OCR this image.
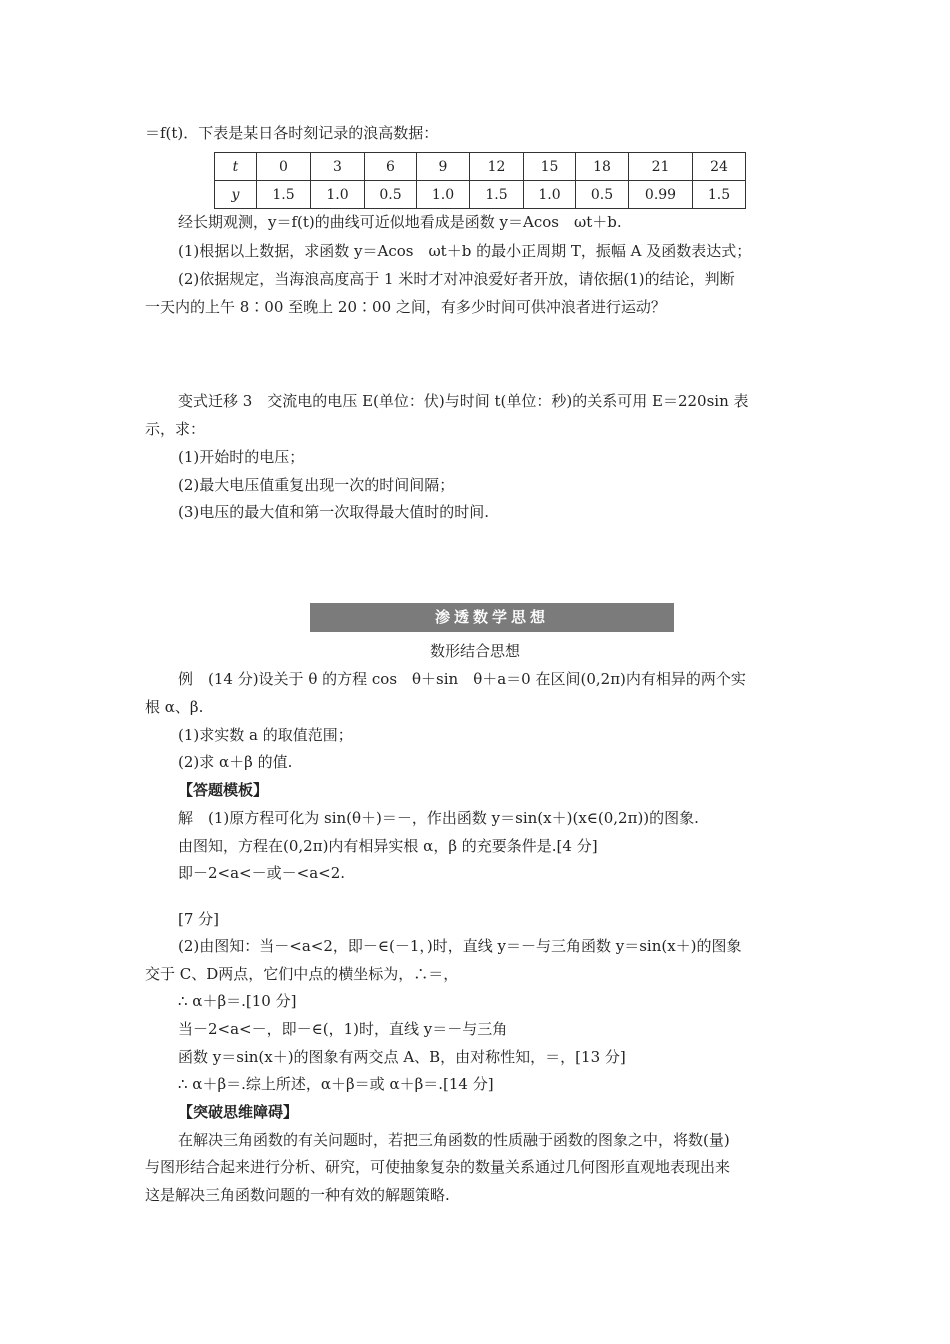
＝f(t)．下表是某日各时刻记录的浪高数据：
t	0	3	6	9	12	15	18	21	24
y	1.5	1.0	0.5	1.0	1.5	1.0	0.5	0.99	1.5
经长期观测，y＝f(t)的曲线可近似地看成是函数 y＝Acos　ωt＋b.
(1)根据以上数据，求函数 y＝Acos　ωt＋b 的最小正周期 T，振幅 A 及函数表达式；
(2)依据规定，当海浪高度高于 1 米时才对冲浪爱好者开放，请依据(1)的结论，判断
一天内的上午 8∶00 至晚上 20∶00 之间，有多少时间可供冲浪者进行运动？
变式迁移 3　交流电的电压 E(单位：伏)与时间 t(单位：秒)的关系可用 E＝220sin 表
示，求：
(1)开始时的电压；
(2)最大电压值重复出现一次的时间间隔；
(3)电压的最大值和第一次取得最大值时的时间.
渗透数学思想
数形结合思想
例　(14 分)设关于 θ 的方程 cos　θ＋sin　θ＋a＝0 在区间(0,2π)内有相异的两个实
根 α、β.
(1)求实数 a 的取值范围；
(2)求 α＋β 的值.
【答题模板】
解　(1)原方程可化为 sin(θ＋)＝－，作出函数 y＝sin(x＋)(x∈(0,2π))的图象.
由图知，方程在(0,2π)内有相异实根 α，β 的充要条件是.[4 分]
即－2<a<－或－<a<2.
[7 分]
(2)由图知：当－<a<2，即－∈(－1，)时，直线 y＝－与三角函数 y＝sin(x＋)的图象
交于 C、D两点，它们中点的横坐标为，∴＝，
∴ α＋β＝.[10 分]
当－2<a<－，即－∈(，1)时，直线 y＝－与三角
函数 y＝sin(x＋)的图象有两交点 A、B，由对称性知，＝，[13 分]
∴ α＋β＝.综上所述，α＋β＝或 α＋β＝.[14 分]
【突破思维障碍】
在解决三角函数的有关问题时，若把三角函数的性质融于函数的图象之中，将数(量)
与图形结合起来进行分析、研究，可使抽象复杂的数量关系通过几何图形直观地表现出来
这是解决三角函数问题的一种有效的解题策略.
